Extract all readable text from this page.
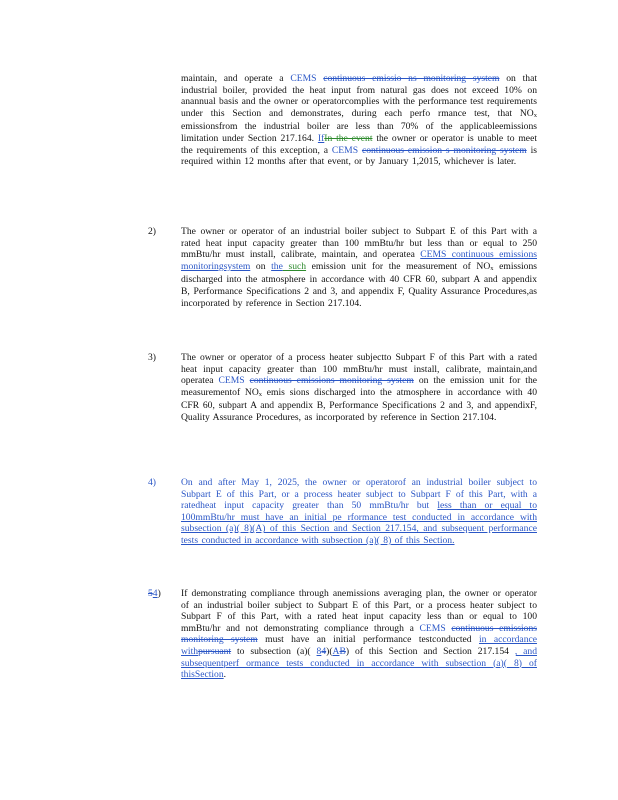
maintain, and operate a CEMS continuous emissio ns monitoring system on that industrial boiler, provided the heat input from natural gas does not exceed 10% on anannual basis and the owner or operatorcomplies with the performance test requirements under this Section and demonstrates, during each perfo rmance test, that NOx emissionsfrom the industrial boiler are less than 70% of the applicableemissions limitation under Section 217.164. IfIn the event the owner or operator is unable to meet the requirements of this exception, a CEMS continuous emission s monitoring system is required within 12 months after that event, or by January 1,2015, whichever is later.
2)	The owner or operator of an industrial boiler subject to Subpart E of this Part with a rated heat input capacity greater than 100 mmBtu/hr but less than or equal to 250 mmBtu/hr must install, calibrate, maintain, and operatea CEMS continuous emissions monitoringsystem on the such emission unit for the measurement of NOx emissions discharged into the atmosphere in accordance with 40 CFR 60, subpart A and appendix B, Performance Specifications 2 and 3, and appendix F, Quality Assurance Procedures,as incorporated by reference in Section 217.104.
3)	The owner or operator of a process heater subjectto Subpart F of this Part with a rated heat input capacity greater than 100 mmBtu/hr must install, calibrate, maintain,and operatea CEMS continuous emissions monitoring system on the emission unit for the measurementof NOx emis sions discharged into the atmosphere in accordance with 40 CFR 60, subpart A and appendix B, Performance Specifications 2 and 3, and appendixF, Quality Assurance Procedures, as incorporated by reference in Section 217.104.
4)	On and after May 1, 2025, the owner or operatorof an industrial boiler subject to Subpart E of this Part, or a process heater subject to Subpart F of this Part, with a ratedheat input capacity greater than 50 mmBtu/hr but less than or equal to 100mmBtu/hr must have an initial pe rformance test conducted in accordance with subsection (a)( 8)(A) of this Section and Section 217.154, and subsequent performance tests conducted in accordance with subsection (a)( 8) of this Section.
54) If demonstrating compliance through anemissions averaging plan, the owner or operator of an industrial boiler subject to Subpart E of this Part, or a process heater subject to Subpart F of this Part, with a rated heat input capacity less than or equal to 100 mmBtu/hr and not demonstrating compliance through a CEMS continuous emissions monitoring system must have an initial performance testconducted in accordance withpursuant to subsection (a)( 84)(AB) of this Section and Section 217.154 , and subsequentperf ormance tests conducted in accordance with subsection (a)( 8) of thisSection.
